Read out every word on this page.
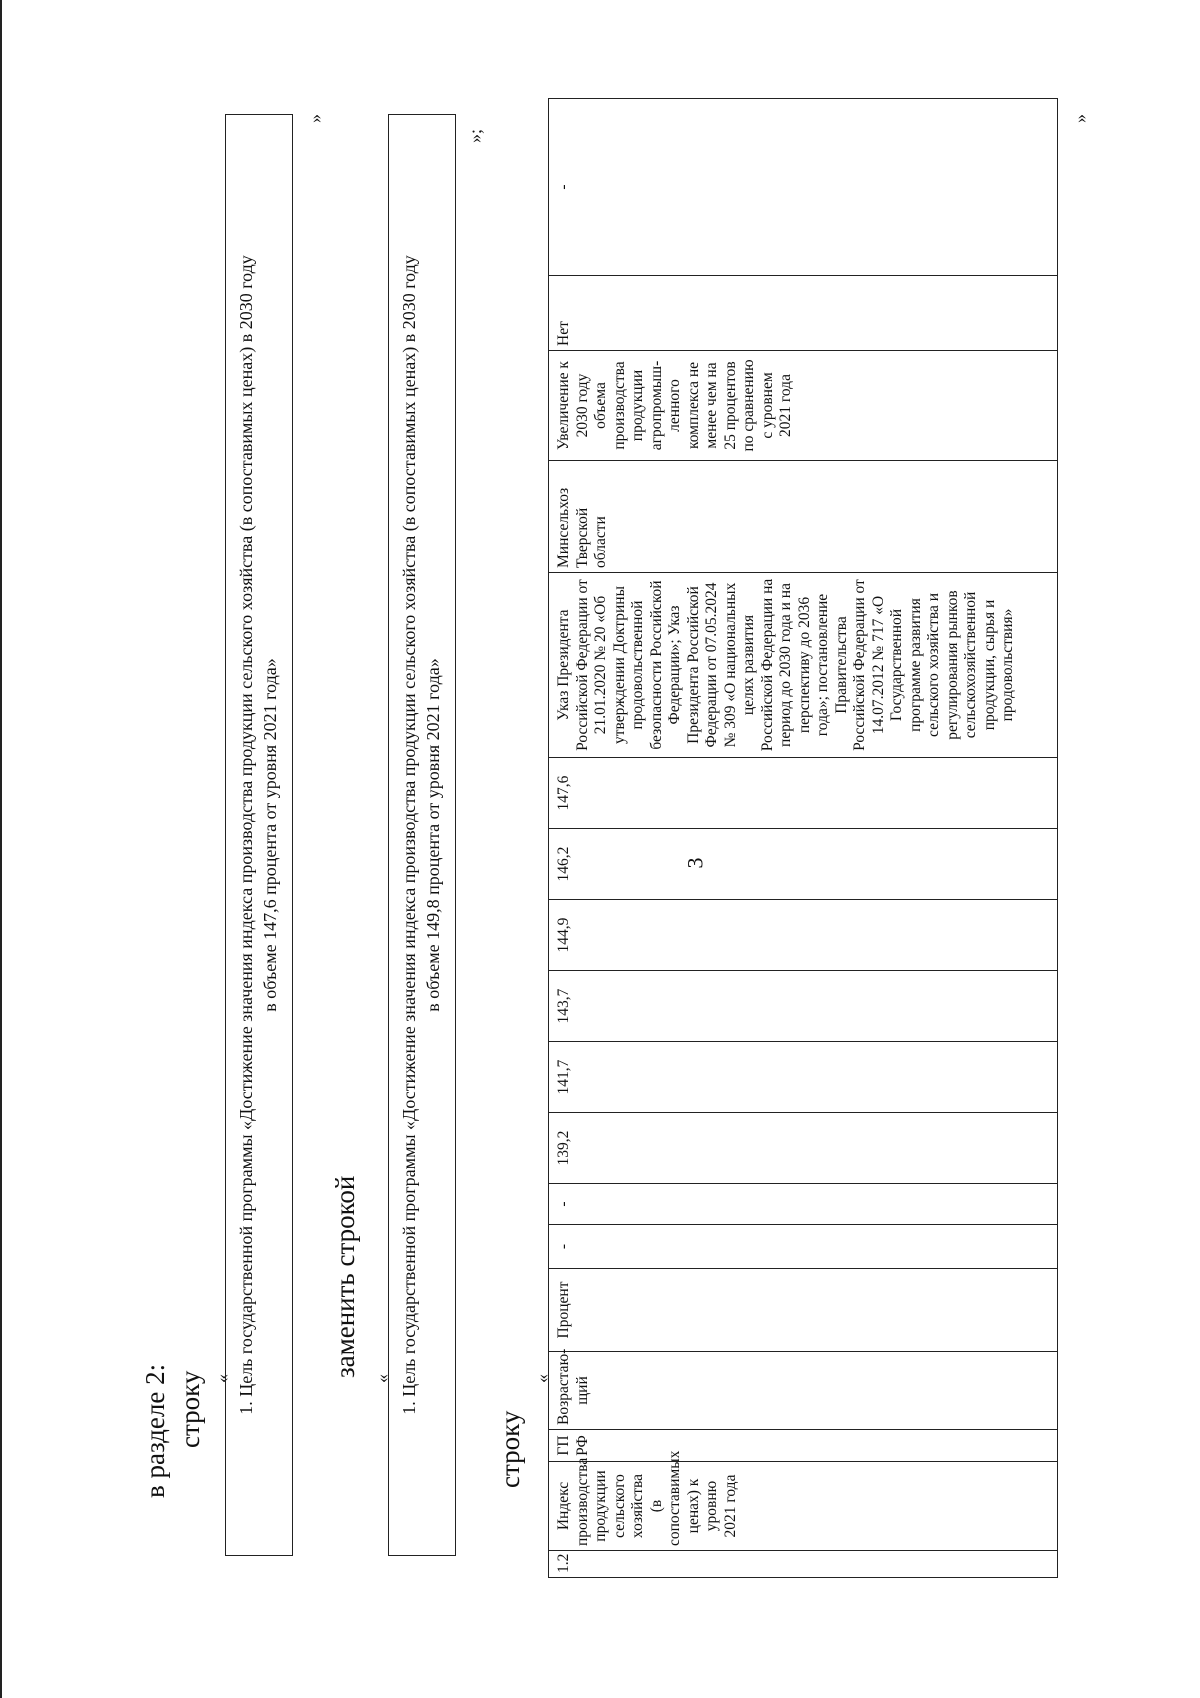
в разделе 2: строку « 1. Цель государственной программы «Достижение значения индекса производства продукции сельского хозяйства (в сопоставимых ценах) в 2030 году в объеме 147,6 процента от уровня 2021 года»
»
заменить строкой
« 1. Цель государственной программы «Достижение значения индекса производства продукции сельского хозяйства (в сопоставимых ценах) в 2030 году в объеме 149,8 процента от уровня 2021 года»
»;
строку
«
1.2	Индекс производства продукции сельского хозяйства (в сопоставимых ценах) к уровню 2021 года	ГП РФ	Возрастаю-щий	Процент	-	-	139,2	141,7	143,7	144,9	146,2	147,6	Указ Президента Российской Федерации от 21.01.2020 № 20 «Об утверждении Доктрины продовольственной безопасности Российской Федерации»; Указ Президента Российской Федерации от 07.05.2024 № 309 «О национальных целях развития Российской Федерации на период до 2030 года и на перспективу до 2036 года»; постановление Правительства Российской Федерации от 14.07.2012 № 717 «О Государственной программе развития сельского хозяйства и регулирования рынков сельскохозяйственной продукции, сырья и продовольствия»	Минсельхоз Тверской области	Увеличение к 2030 году объема производства продукции агропромыш-ленного комплекса не менее чем на 25 процентов по сравнению с уровнем 2021 года	Нет	-
»
3
